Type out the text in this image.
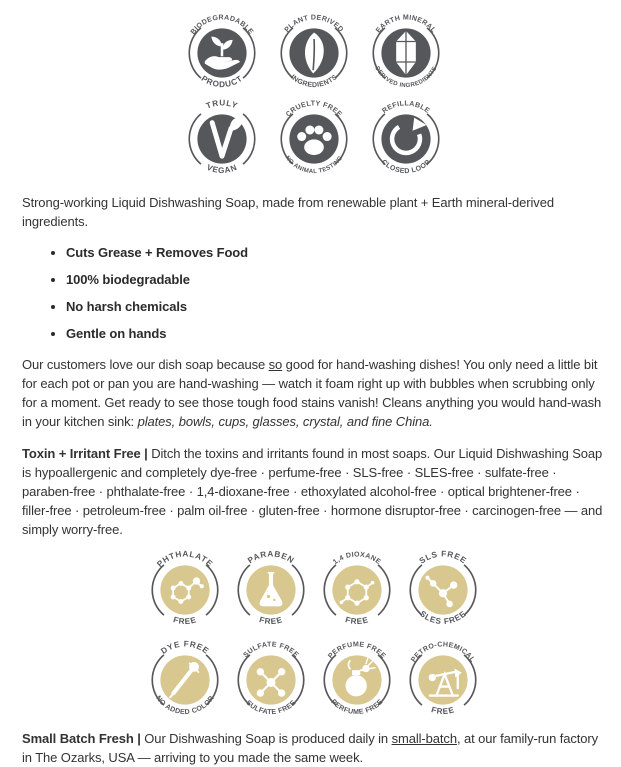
BIODEGRADABLE
PRODUCT
PLANT DERIVED
INGREDIENTS
EARTH MINERAL
DERIVED INGREDIENTS
TRULY
VEGAN
CRUELTY FREE
NO ANIMAL TESTING
REFILLABLE
CLOSED LOOP

Strong-working Liquid Dishwashing Soap, made from renewable plant + Earth mineral-derived ingredients.

• Cuts Grease + Removes Food
• 100% biodegradable
• No harsh chemicals
• Gentle on hands

Our customers love our dish soap because so good for hand-washing dishes! You only need a little bit for each pot or pan you are hand-washing — watch it foam right up with bubbles when scrubbing only for a moment. Get ready to see those tough food stains vanish! Cleans anything you would hand-wash in your kitchen sink: plates, bowls, cups, glasses, crystal, and fine China.

Toxin + Irritant Free | Ditch the toxins and irritants found in most soaps. Our Liquid Dishwashing Soap is hypoallergenic and completely dye-free · perfume-free · SLS-free · SLES-free · sulfate-free · paraben-free · phthalate-free · 1,4-dioxane-free · ethoxylated alcohol-free · optical brightener-free · filler-free · petroleum-free · palm oil-free · gluten-free · hormone disruptor-free · carcinogen-free — and simply worry-free.

PHTHALATE
FREE
PARABEN
FREE
1,4 DIOXANE
FREE
SLS FREE
SLES FREE
DYE FREE
NO ADDED COLOR
SULFATE FREE
SULFATE FREE
PERFUME FREE
PERFUME FREE
PETRO-CHEMICAL
FREE

Small Batch Fresh | Our Dishwashing Soap is produced daily in small-batch, at our family-run factory in The Ozarks, USA — arriving to you made the same week.
